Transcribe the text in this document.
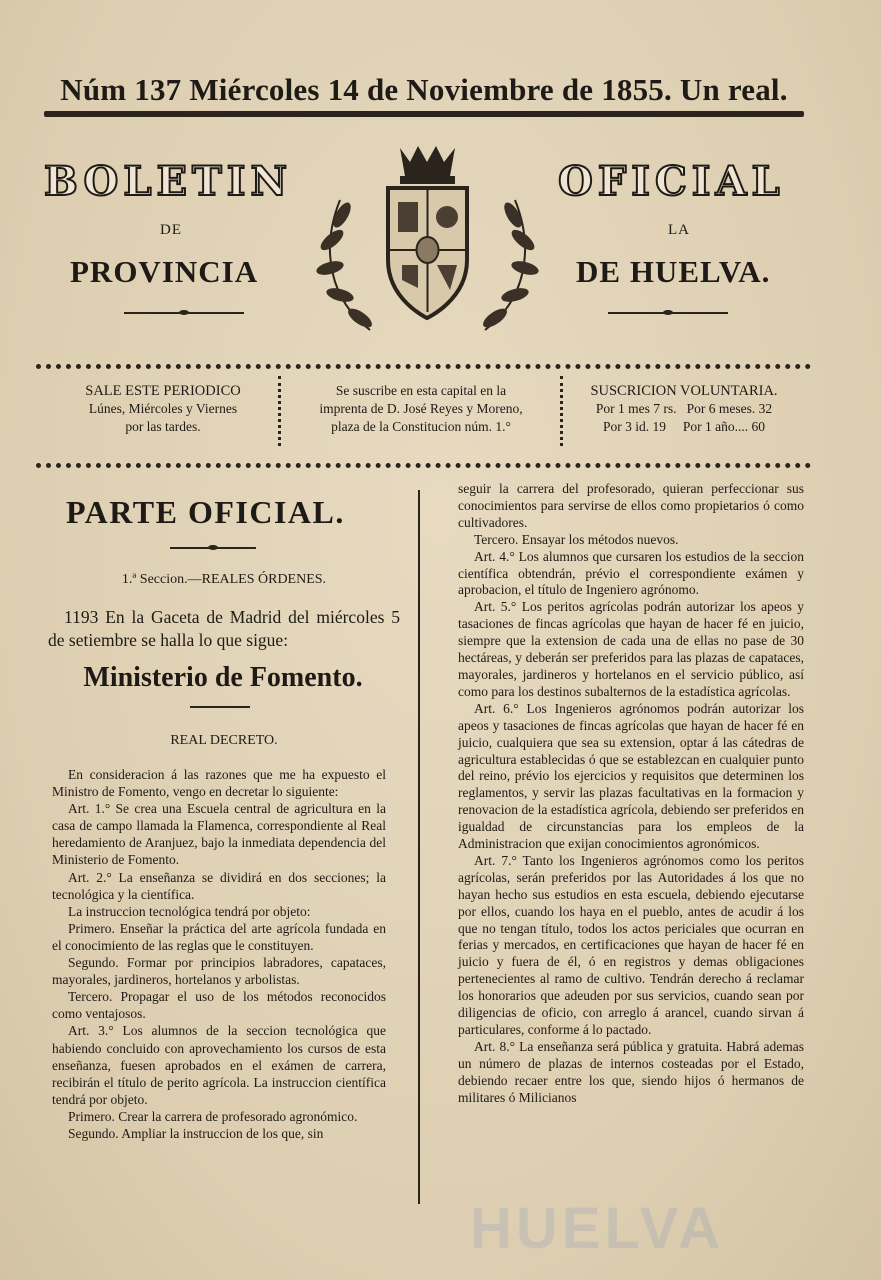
Núm 137 Miércoles 14 de Noviembre de 1855. Un real.
BOLETIN	OFICIAL
DE	LA
PROVINCIA	DE HUELVA.
SALE ESTE PERIODICO
Lúnes, Miércoles y Viernes
por las tardes.
Se suscribe en esta capital en la
imprenta de D. José Reyes y Moreno,
plaza de la Constitucion núm. 1.°
SUSCRICION VOLUNTARIA.
Por 1 mes 7 rs.   Por 6 meses. 32
Por 3 id. 19     Por 1 año.... 60
PARTE OFICIAL.
1.ª Seccion.—REALES ÓRDENES.

1193 En la Gaceta de Madrid del miércoles 5 de setiembre se halla lo que sigue:

Ministerio de Fomento.
REAL DECRETO.

En consideracion á las razones que me ha expuesto el Ministro de Fomento, vengo en decretar lo siguiente:

Art. 1.° Se crea una Escuela central de agricultura en la casa de campo llamada la Flamenca, correspondiente al Real heredamiento de Aranjuez, bajo la inmediata dependencia del Ministerio de Fomento.

Art. 2.° La enseñanza se dividirá en dos secciones; la tecnológica y la científica.

La instruccion tecnológica tendrá por objeto:

Primero. Enseñar la práctica del arte agrícola fundada en el conocimiento de las reglas que le constituyen.

Segundo. Formar por principios labradores, capataces, mayorales, jardineros, hortelanos y arbolistas.

Tercero. Propagar el uso de los métodos reconocidos como ventajosos.

Art. 3.° Los alumnos de la seccion tecnológica que habiendo concluido con aprovechamiento los cursos de esta enseñanza, fuesen aprobados en el exámen de carrera, recibirán el título de perito agrícola. La instruccion científica tendrá por objeto.

Primero. Crear la carrera de profesorado agronómico.

Segundo. Ampliar la instruccion de los que, sin

seguir la carrera del profesorado, quieran perfeccionar sus conocimientos para servirse de ellos como propietarios ó como cultivadores.

Tercero. Ensayar los métodos nuevos.

Art. 4.° Los alumnos que cursaren los estudios de la seccion científica obtendrán, prévio el correspondiente exámen y aprobacion, el título de Ingeniero agrónomo.

Art. 5.° Los peritos agrícolas podrán autorizar los apeos y tasaciones de fincas agrícolas que hayan de hacer fé en juicio, siempre que la extension de cada una de ellas no pase de 30 hectáreas, y deberán ser preferidos para las plazas de capataces, mayorales, jardineros y hortelanos en el servicio público, así como para los destinos subalternos de la estadística agrícolas.

Art. 6.° Los Ingenieros agrónomos podrán autorizar los apeos y tasaciones de fincas agrícolas que hayan de hacer fé en juicio, cualquiera que sea su extension, optar á las cátedras de agricultura establecidas ó que se establezcan en cualquier punto del reino, prévio los ejercicios y requisitos que determinen los reglamentos, y servir las plazas facultativas en la formacion y renovacion de la estadística agrícola, debiendo ser preferidos en igualdad de circunstancias para los empleos de la Administracion que exijan conocimientos agronómicos.

Art. 7.° Tanto los Ingenieros agrónomos como los peritos agrícolas, serán preferidos por las Autoridades á los que no hayan hecho sus estudios en esta escuela, debiendo ejecutarse por ellos, cuando los haya en el pueblo, antes de acudir á los que no tengan título, todos los actos periciales que ocurran en ferias y mercados, en certificaciones que hayan de hacer fé en juicio y fuera de él, ó en registros y demas obligaciones pertenecientes al ramo de cultivo. Tendrán derecho á reclamar los honorarios que adeuden por sus servicios, cuando sean por diligencias de oficio, con arreglo á arancel, cuando sirvan á particulares, conforme á lo pactado.

Art. 8.° La enseñanza será pública y gratuita. Habrá ademas un número de plazas de internos costeadas por el Estado, debiendo recaer entre los que, siendo hijos ó hermanos de militares ó Milicianos

HUELVA
